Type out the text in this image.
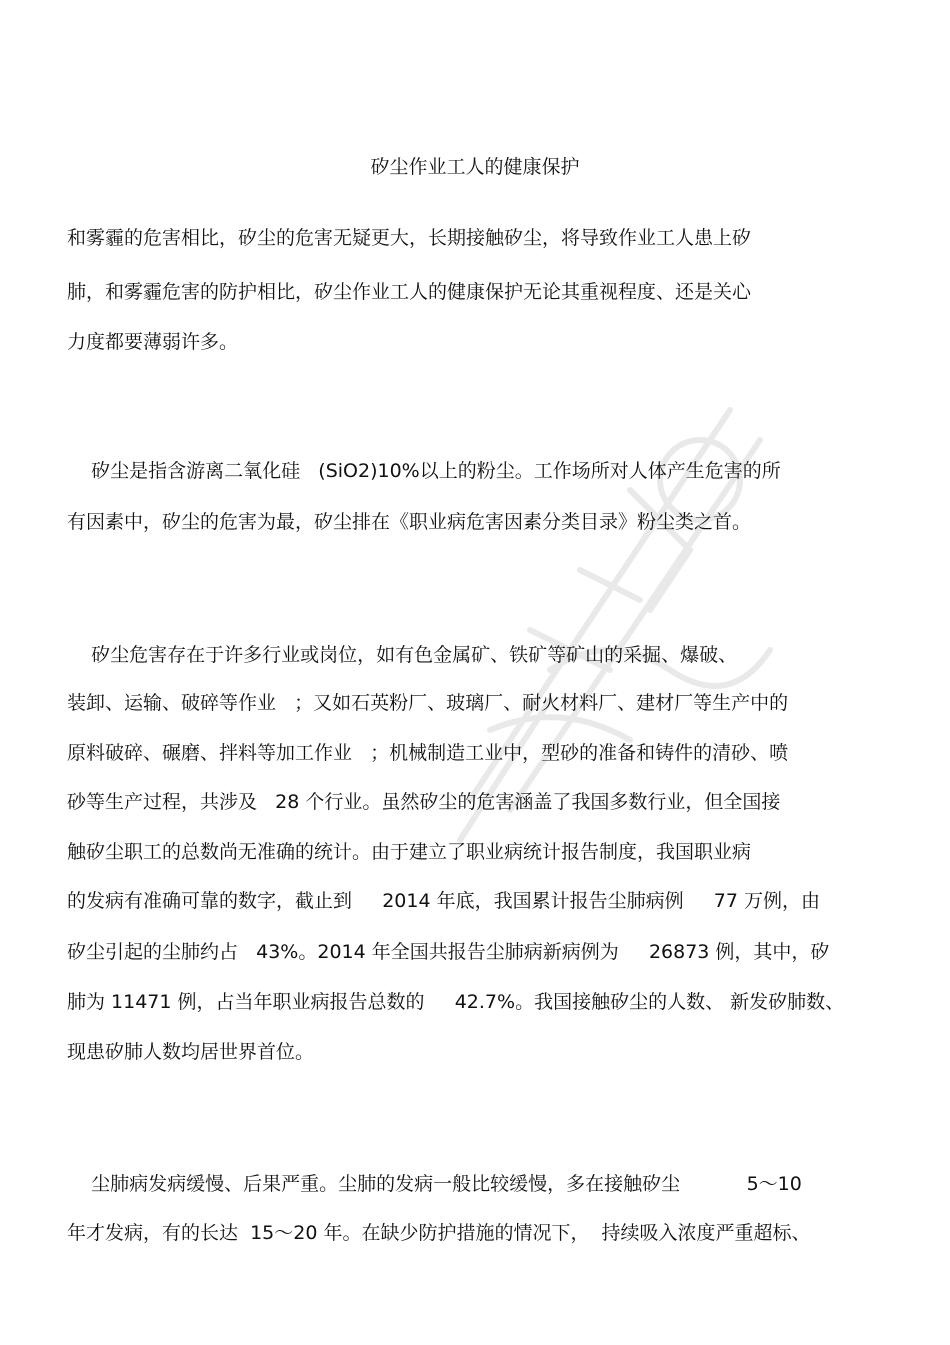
矽尘作业工人的健康保护
和雾霾的危害相比，矽尘的危害无疑更大，长期接触矽尘，将导致作业工人患上矽
肺，和雾霾危害的防护相比，矽尘作业工人的健康保护无论其重视程度、还是关心
力度都要薄弱许多。
矽尘是指含游离二氧化硅   (SiO2)10%以上的粉尘。工作场所对人体产生危害的所
有因素中，矽尘的危害为最，矽尘排在《职业病危害因素分类目录》粉尘类之首。
矽尘危害存在于许多行业或岗位，如有色金属矿、铁矿等矿山的采掘、爆破、
装卸、运输、破碎等作业   ；又如石英粉厂、玻璃厂、耐火材料厂、建材厂等生产中的
原料破碎、碾磨、拌料等加工作业   ；机械制造工业中，型砂的准备和铸件的清砂、喷
砂等生产过程，共涉及   28 个行业。虽然矽尘的危害涵盖了我国多数行业，但全国接
触矽尘职工的总数尚无准确的统计。由于建立了职业病统计报告制度，我国职业病
的发病有准确可靠的数字，截止到     2014 年底，我国累计报告尘肺病例     77 万例，由
矽尘引起的尘肺约占   43%。2014 年全国共报告尘肺病新病例为     26873 例，其中，矽
肺为 11471 例，占当年职业病报告总数的     42.7%。我国接触矽尘的人数、 新发矽肺数、
现患矽肺人数均居世界首位。
尘肺病发病缓慢、后果严重。尘肺的发病一般比较缓慢，多在接触矽尘           5～10
年才发病，有的长达  15～20 年。在缺少防护措施的情况下，  持续吸入浓度严重超标、
